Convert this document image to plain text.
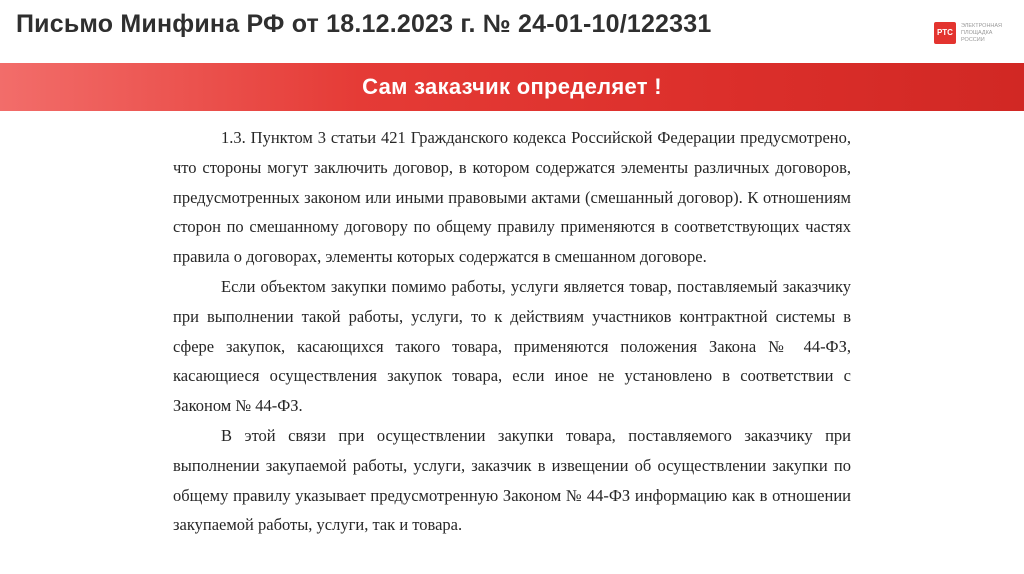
Письмо Минфина РФ от 18.12.2023 г. № 24-01-10/122331	РТС
ЭЛЕКТРОННАЯ ПЛОЩАДКА РОССИИ
Сам заказчик определяет !

1.3. Пунктом 3 статьи 421 Гражданского кодекса Российской Федерации предусмотрено, что стороны могут заключить договор, в котором содержатся элементы различных договоров, предусмотренных законом или иными правовыми актами (смешанный договор). К отношениям сторон по смешанному договору по общему правилу применяются в соответствующих частях правила о договорах, элементы которых содержатся в смешанном договоре.

Если объектом закупки помимо работы, услуги является товар, поставляемый заказчику при выполнении такой работы, услуги, то к действиям участников контрактной системы в сфере закупок, касающихся такого товара, применяются положения Закона № 44-ФЗ, касающиеся осуществления закупок товара, если иное не установлено в соответствии с Законом № 44-ФЗ.

В этой связи при осуществлении закупки товара, поставляемого заказчику при выполнении закупаемой работы, услуги, заказчик в извещении об осуществлении закупки по общему правилу указывает предусмотренную Законом № 44-ФЗ информацию как в отношении закупаемой работы, услуги, так и товара.
